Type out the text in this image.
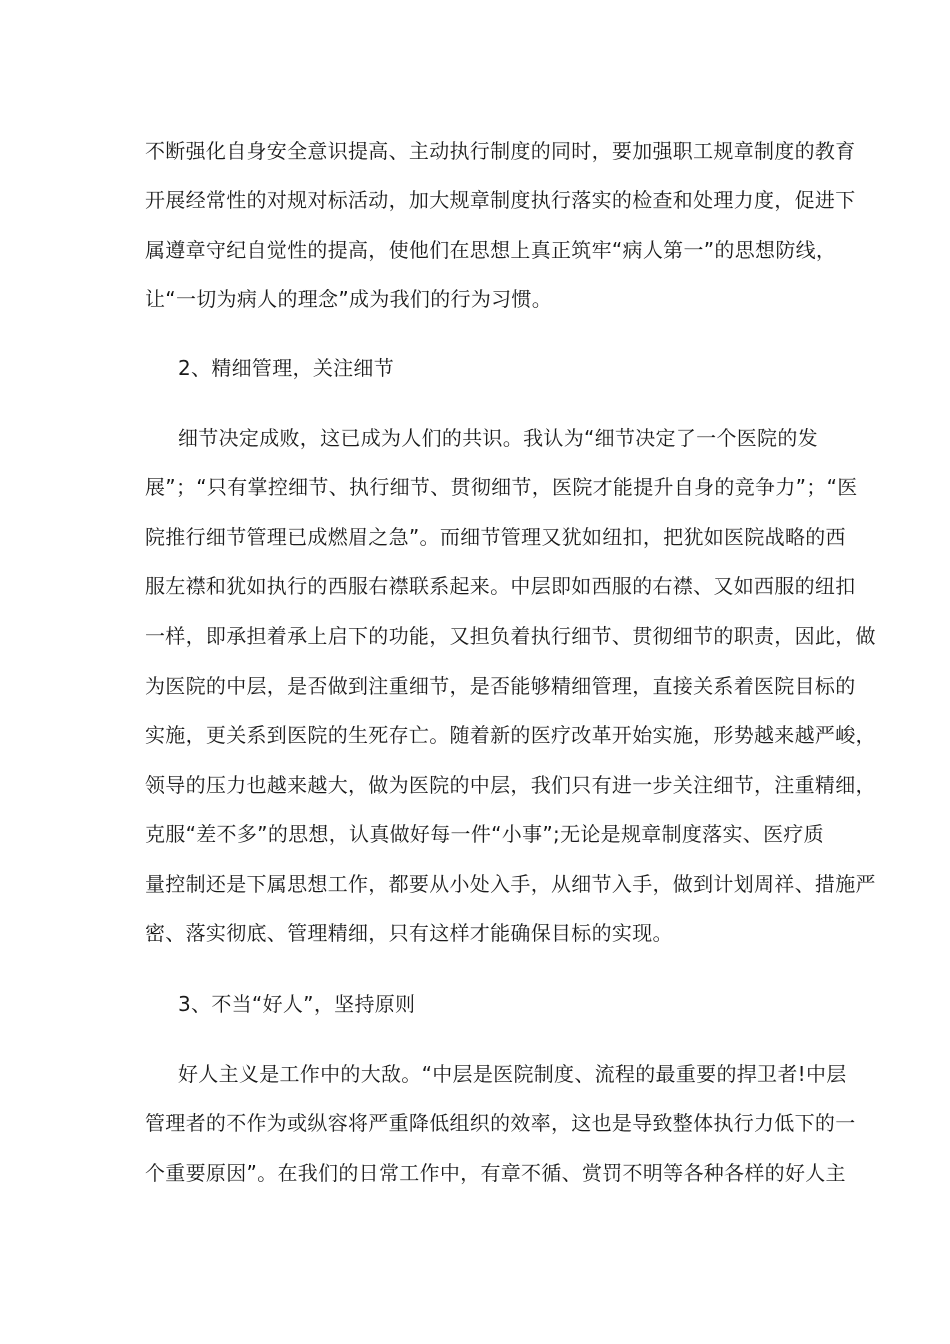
不断强化自身安全意识提高、主动执行制度的同时，要加强职工规章制度的教育
开展经常性的对规对标活动，加大规章制度执行落实的检查和处理力度，促进下
属遵章守纪自觉性的提高，使他们在思想上真正筑牢“病人第一”的思想防线，
让“一切为病人的理念”成为我们的行为习惯。
2、精细管理，关注细节
细节决定成败，这已成为人们的共识。我认为“细节决定了一个医院的发
展”；“只有掌控细节、执行细节、贯彻细节，医院才能提升自身的竞争力”；“医
院推行细节管理已成燃眉之急”。而细节管理又犹如纽扣，把犹如医院战略的西
服左襟和犹如执行的西服右襟联系起来。中层即如西服的右襟、又如西服的纽扣
一样，即承担着承上启下的功能，又担负着执行细节、贯彻细节的职责，因此，做
为医院的中层，是否做到注重细节，是否能够精细管理，直接关系着医院目标的
实施，更关系到医院的生死存亡。随着新的医疗改革开始实施，形势越来越严峻，
领导的压力也越来越大，做为医院的中层，我们只有进一步关注细节，注重精细，
克服“差不多”的思想，认真做好每一件“小事”;无论是规章制度落实、医疗质
量控制还是下属思想工作，都要从小处入手，从细节入手，做到计划周祥、措施严
密、落实彻底、管理精细，只有这样才能确保目标的实现。
3、不当“好人”，坚持原则
好人主义是工作中的大敌。“中层是医院制度、流程的最重要的捍卫者!中层
管理者的不作为或纵容将严重降低组织的效率，这也是导致整体执行力低下的一
个重要原因”。在我们的日常工作中，有章不循、赏罚不明等各种各样的好人主
